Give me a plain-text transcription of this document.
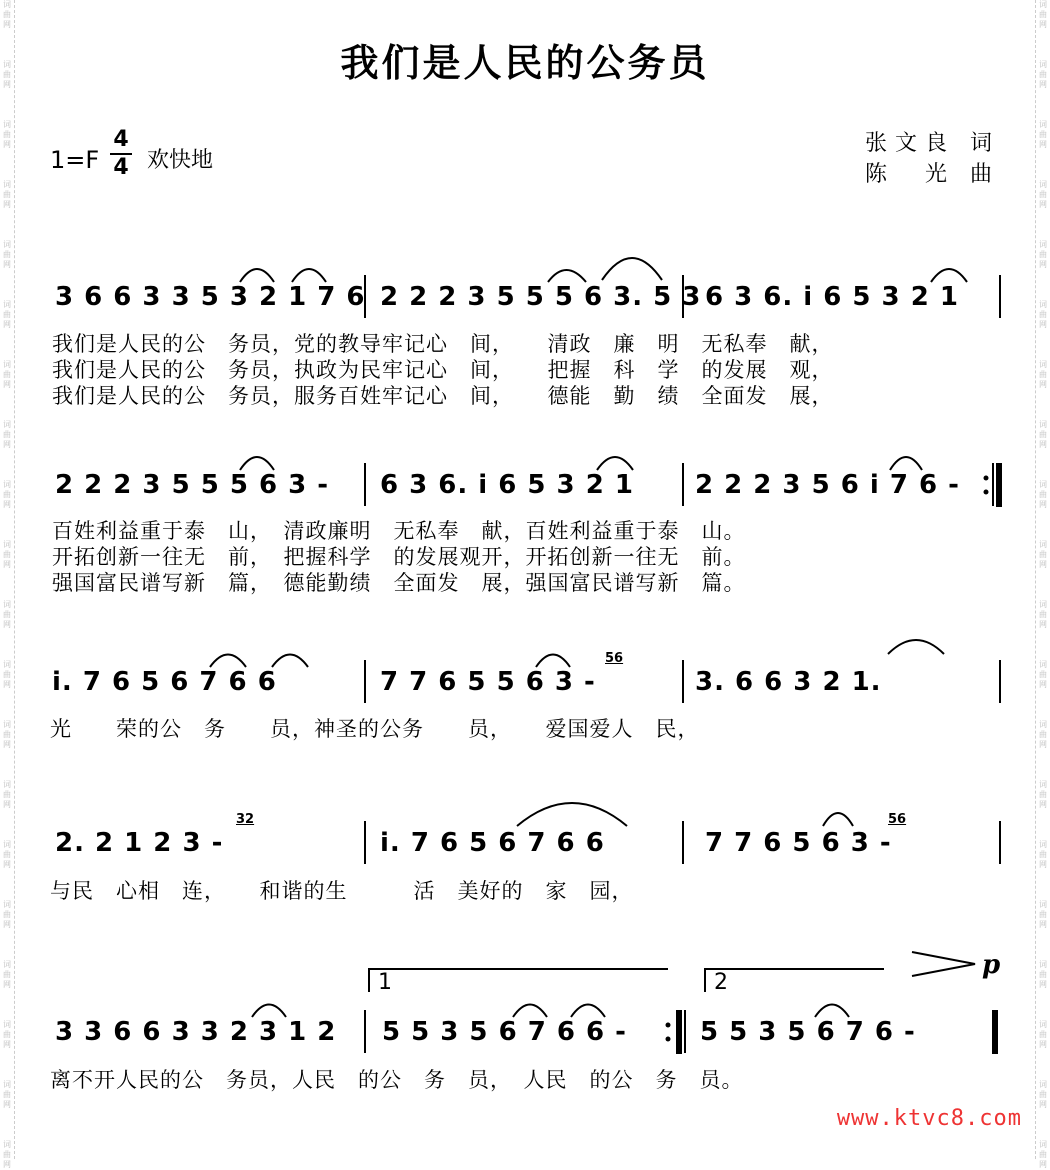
词曲网
词曲网
词曲网
词曲网
词曲网
词曲网
词曲网
词曲网
词曲网
词曲网
词曲网
词曲网
词曲网
词曲网
词曲网
词曲网
词曲网
词曲网
词曲网
词曲网
词曲网
词曲网
词曲网
词曲网
词曲网
词曲网
词曲网
词曲网
词曲网
词曲网
词曲网
词曲网
词曲网
词曲网
词曲网
词曲网
词曲网
词曲网
词曲网
词曲网
我们是人民的公务员
1=F
4
4 欢快地
张文良 词
陈　光 曲
3 6 6 3 3 5 3 2 1 7 6 2 2 2 3 5 5 5 6 3. 5 3 6 3 6. i 6 5 3 2 1
我们是人民的公　务员，党的教导牢记心　间，　　清政　廉　明　无私奉　献，
我们是人民的公　务员，执政为民牢记心　间，　　把握　科　学　的发展　观，
我们是人民的公　务员，服务百姓牢记心　间，　　德能　勤　绩　全面发　展，
2 2 2 3 5 5 5 6 3 - 6 3 6. i 6 5 3 2 1 2 2 2 3 5 6 i 7 6 -
百姓利益重于泰　山，　清政廉明　无私奉　献，百姓利益重于泰　山。
开拓创新一往无　前，　把握科学　的发展观开，开拓创新一往无　前。
强国富民谱写新　篇，　德能勤绩　全面发　展，强国富民谱写新　篇。
i. 7 6 5 6 7 6 6	7 7 6 5 5 6 3 -
56
3. 6 6 3 2 1.
光　　荣的公　务　　员，神圣的公务　　员，　　爱国爱人　民，
2. 2 1 2 3 -
32
i. 7 6 5 6 7 6 6	7 7 6 5 6 3 -
56
与民　心相　连，　　和谐的生　　　活　美好的　家　园，
1	2
p
3 3 6 6 3 3 2 3 1 2 5 5 3 5 6 7 6 6 -	5 5 3 5 6 7 6 -
离不开人民的公　务员，人民　的公　务　员，　人民　的公　务　员。
www.ktvc8.com
